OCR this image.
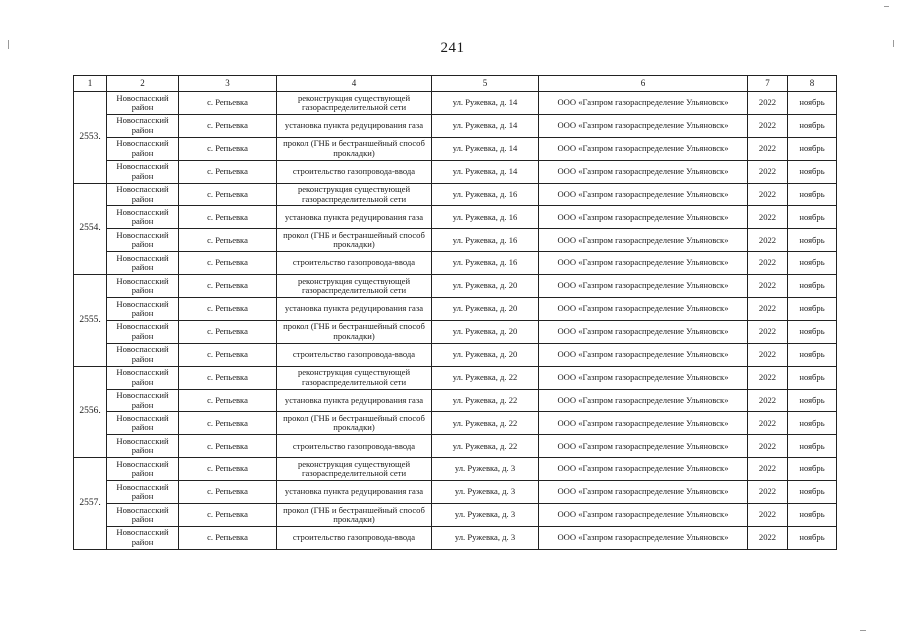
241
1	2	3	4	5	6	7	8
2553.	Новоспасский район	с. Репьевка	реконструкция существующей газораспределительной сети	ул. Ружевка, д. 14	ООО «Газпром газораспределение Ульяновск»	2022	ноябрь
	Новоспасский район	с. Репьевка	установка пункта редуцирования газа	ул. Ружевка, д. 14	ООО «Газпром газораспределение Ульяновск»	2022	ноябрь
	Новоспасский район	с. Репьевка	прокол (ГНБ и бестраншейный способ прокладки)	ул. Ружевка, д. 14	ООО «Газпром газораспределение Ульяновск»	2022	ноябрь
	Новоспасский район	с. Репьевка	строительство газопровода-ввода	ул. Ружевка, д. 14	ООО «Газпром газораспределение Ульяновск»	2022	ноябрь
2554.	Новоспасский район	с. Репьевка	реконструкция существующей газораспределительной сети	ул. Ружевка, д. 16	ООО «Газпром газораспределение Ульяновск»	2022	ноябрь
	Новоспасский район	с. Репьевка	установка пункта редуцирования газа	ул. Ружевка, д. 16	ООО «Газпром газораспределение Ульяновск»	2022	ноябрь
	Новоспасский район	с. Репьевка	прокол (ГНБ и бестраншейный способ прокладки)	ул. Ружевка, д. 16	ООО «Газпром газораспределение Ульяновск»	2022	ноябрь
	Новоспасский район	с. Репьевка	строительство газопровода-ввода	ул. Ружевка, д. 16	ООО «Газпром газораспределение Ульяновск»	2022	ноябрь
2555.	Новоспасский район	с. Репьевка	реконструкция существующей газораспределительной сети	ул. Ружевка, д. 20	ООО «Газпром газораспределение Ульяновск»	2022	ноябрь
	Новоспасский район	с. Репьевка	установка пункта редуцирования газа	ул. Ружевка, д. 20	ООО «Газпром газораспределение Ульяновск»	2022	ноябрь
	Новоспасский район	с. Репьевка	прокол (ГНБ и бестраншейный способ прокладки)	ул. Ружевка, д. 20	ООО «Газпром газораспределение Ульяновск»	2022	ноябрь
	Новоспасский район	с. Репьевка	строительство газопровода-ввода	ул. Ружевка, д. 20	ООО «Газпром газораспределение Ульяновск»	2022	ноябрь
2556.	Новоспасский район	с. Репьевка	реконструкция существующей газораспределительной сети	ул. Ружевка, д. 22	ООО «Газпром газораспределение Ульяновск»	2022	ноябрь
	Новоспасский район	с. Репьевка	установка пункта редуцирования газа	ул. Ружевка, д. 22	ООО «Газпром газораспределение Ульяновск»	2022	ноябрь
	Новоспасский район	с. Репьевка	прокол (ГНБ и бестраншейный способ прокладки)	ул. Ружевка, д. 22	ООО «Газпром газораспределение Ульяновск»	2022	ноябрь
	Новоспасский район	с. Репьевка	строительство газопровода-ввода	ул. Ружевка, д. 22	ООО «Газпром газораспределение Ульяновск»	2022	ноябрь
2557.	Новоспасский район	с. Репьевка	реконструкция существующей газораспределительной сети	ул. Ружевка, д. 3	ООО «Газпром газораспределение Ульяновск»	2022	ноябрь
	Новоспасский район	с. Репьевка	установка пункта редуцирования газа	ул. Ружевка, д. 3	ООО «Газпром газораспределение Ульяновск»	2022	ноябрь
	Новоспасский район	с. Репьевка	прокол (ГНБ и бестраншейный способ прокладки)	ул. Ружевка, д. 3	ООО «Газпром газораспределение Ульяновск»	2022	ноябрь
	Новоспасский район	с. Репьевка	строительство газопровода-ввода	ул. Ружевка, д. 3	ООО «Газпром газораспределение Ульяновск»	2022	ноябрь
